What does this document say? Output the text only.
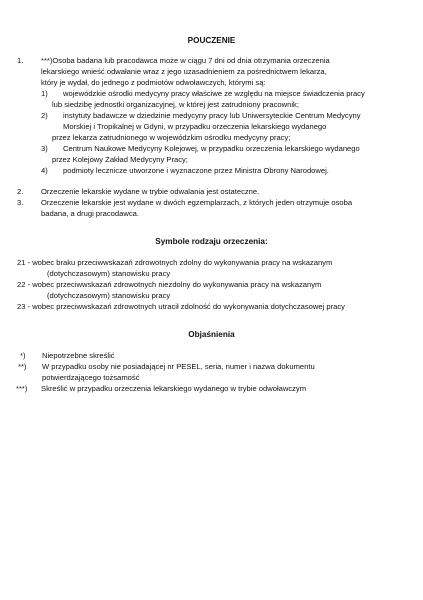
POUCZENIE
1. ***)Osoba badana lub pracodawca może w ciągu 7 dni od dnia otrzymania orzeczenia
lekarskiego wnieść odwałanie wraz z jego uzasadnieniem za pośrednictwem lekarza,
który je wydał, do jednego z podmiotów odwoławczych, którymi są:
1) wojewódzkie ośrodki medycyny pracy właściwe ze względu na miejsce świadczenia pracy
lub siedzibę jednostki organizacyjnej, w której jest zatrudniony pracownik;
2) instytuty badawcze w dziedzinie medycyny pracy lub Uniwersyteckie Centrum Medycyny
Morskiej i Tropikalnej w Gdyni, w przypadku orzeczenia lekarskiego wydanego
przez lekarza zatrudnionego w wojewódzkim ośrodku medycyny pracy;
3) Centrum Naukowe Medycyny Kolejowej, w przypadku orzeczenia lekarskiego wydanego
przez Kolejowy Zakład Medycyny Pracy;
4) podmioty lecznicze utworzone i wyznaczone przez Ministra Obrony Narodowej.
2. Orzeczenie lekarskie wydane w trybie odwalania jest ostateczne.
3. Orzeczenie lekarskie jest wydane w dwóch egzemplarzach, z których jeden otrzymuje osoba
badana, a drugi pracodawca.
Symbole rodzaju orzeczenia:
21 - wobec braku przeciwwskazań zdrowotnych zdolny do wykonywania pracy na wskazanym
(dotychczasowym) stanowisku pracy
22 - wobec przeciwwskazań zdrowotnych niezdolny do wykonywania pracy na wskazanym
(dotychczasowym) stanowisku pracy
23 - wobec przeciwwskazań zdrowotnych utracił zdolność do wykonywania dotychczasowej pracy
Objaśnienia
*) Niepotrzebne skreślić
**) W przypadku osoby nie posiadającej nr PESEL, seria, numer i nazwa dokumentu
potwierdzającego tożsamość
***) Skreślić w przypadku orzeczenia lekarskiego wydanego w trybie odwoławczym
